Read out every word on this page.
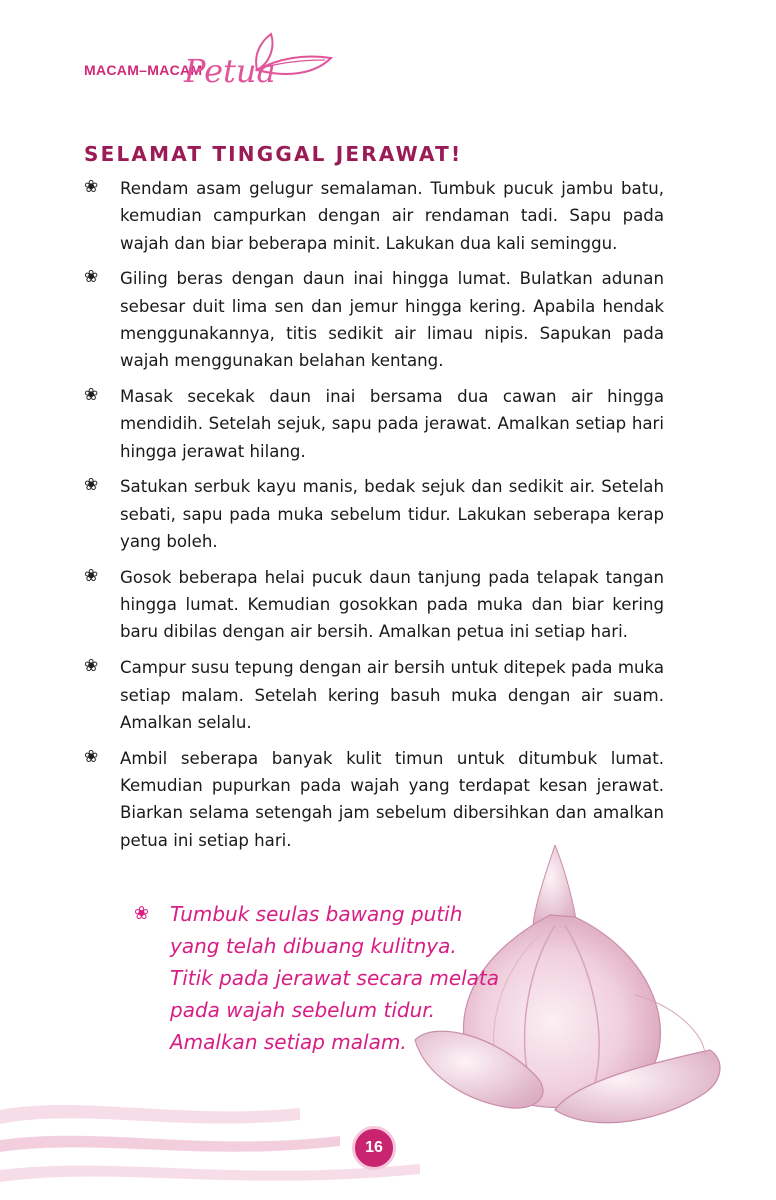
MACAM–MACAM
Petua
SELAMAT TINGGAL JERAWAT!
❀ Rendam asam gelugur semalaman. Tumbuk pucuk jambu batu, kemudian campurkan dengan air rendaman tadi. Sapu pada wajah dan biar beberapa minit. Lakukan dua kali seminggu.
❀ Giling beras dengan daun inai hingga lumat. Bulatkan adunan sebesar duit lima sen dan jemur hingga kering. Apabila hendak menggunakannya, titis sedikit air limau nipis. Sapukan pada wajah menggunakan belahan kentang.
❀ Masak secekak daun inai bersama dua cawan air hingga mendidih. Setelah sejuk, sapu pada jerawat. Amalkan setiap hari hingga jerawat hilang.
❀ Satukan serbuk kayu manis, bedak sejuk dan sedikit air. Setelah sebati, sapu pada muka sebelum tidur. Lakukan seberapa kerap yang boleh.
❀ Gosok beberapa helai pucuk daun tanjung pada telapak tangan hingga lumat. Kemudian gosokkan pada muka dan biar kering baru dibilas dengan air bersih. Amalkan petua ini setiap hari.
❀ Campur susu tepung dengan air bersih untuk ditepek pada muka setiap malam. Setelah kering basuh muka dengan air suam. Amalkan selalu.
❀ Ambil seberapa banyak kulit timun untuk ditumbuk lumat. Kemudian pupurkan pada wajah yang terdapat kesan jerawat. Biarkan selama setengah jam sebelum dibersihkan dan amalkan petua ini setiap hari.
❀	Tumbuk seulas bawang putih yang telah dibuang kulitnya. Titik pada jerawat secara melata pada wajah sebelum tidur. Amalkan setiap malam.
16
